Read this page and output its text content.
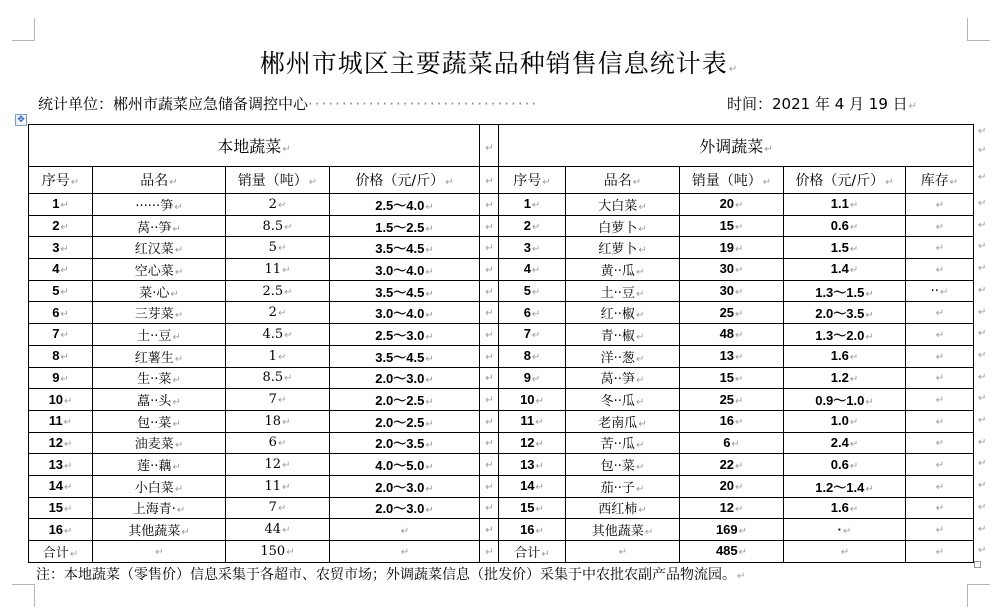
郴州市城区主要蔬菜品种销售信息统计表↵
统计单位：郴州市蔬菜应急储备调控中心··································	时间：2021 年 4 月 19 日↵
✥
本地蔬菜↵				↵	外调蔬菜↵				
序号↵	品名↵	销量（吨）↵	价格（元/斤）↵	↵	序号↵	品名↵	销量（吨）↵	价格（元/斤）↵	库存↵
1↵	······笋↵	2↵	2.5～4.0↵	↵	1↵	大白菜↵	20↵	1.1↵	↵
2↵	莴··笋↵	8.5↵	1.5～2.5↵	↵	2↵	白萝卜↵	15↵	0.6↵	↵
3↵	红汉菜↵	5↵	3.5～4.5↵	↵	3↵	红萝卜↵	19↵	1.5↵	↵
4↵	空心菜↵	11↵	3.0～4.0↵	↵	4↵	黄··瓜↵	30↵	1.4↵	↵
5↵	菜·心↵	2.5↵	3.5～4.5↵	↵	5↵	土··豆↵	30↵	1.3～1.5↵	··↵
6↵	三芽菜↵	2↵	3.0～4.0↵	↵	6↵	红··椒↵	25↵	2.0～3.5↵	↵
7↵	土··豆↵	4.5↵	2.5～3.0↵	↵	7↵	青··椒↵	48↵	1.3～2.0↵	↵
8↵	红薯生↵	1↵	3.5～4.5↵	↵	8↵	洋··葱↵	13↵	1.6↵	↵
9↵	生··菜↵	8.5↵	2.0～3.0↵	↵	9↵	莴··笋↵	15↵	1.2↵	↵
10↵	藠··头↵	7↵	2.0～2.5↵	↵	10↵	冬··瓜↵	25↵	0.9～1.0↵	↵
11↵	包··菜↵	18↵	2.0～2.5↵	↵	11↵	老南瓜↵	16↵	1.0↵	↵
12↵	油麦菜↵	6↵	2.0～3.5↵	↵	12↵	苦··瓜↵	6↵	2.4↵	↵
13↵	莲··藕↵	12↵	4.0～5.0↵	↵	13↵	包··菜↵	22↵	0.6↵	↵
14↵	小白菜↵	11↵	2.0～3.0↵	↵	14↵	茄··子↵	20↵	1.2～1.4↵	↵
15↵	上海青·↵	7↵	2.0～3.0↵	↵	15↵	西红柿↵	12↵	1.6↵	↵
16↵	其他蔬菜↵	44↵	↵	↵	16↵	其他蔬菜↵	169↵	·↵	↵
合计↵	↵	150↵	↵	↵	合计↵	↵	485↵	↵	↵
↵
↵
↵
↵
↵
↵
↵
↵
↵
↵
↵
↵
↵
↵
↵
↵
↵
↵
↵
↵
注：本地蔬菜（零售价）信息采集于各超市、农贸市场；外调蔬菜信息（批发价）采集于中农批农副产品物流园。↵
